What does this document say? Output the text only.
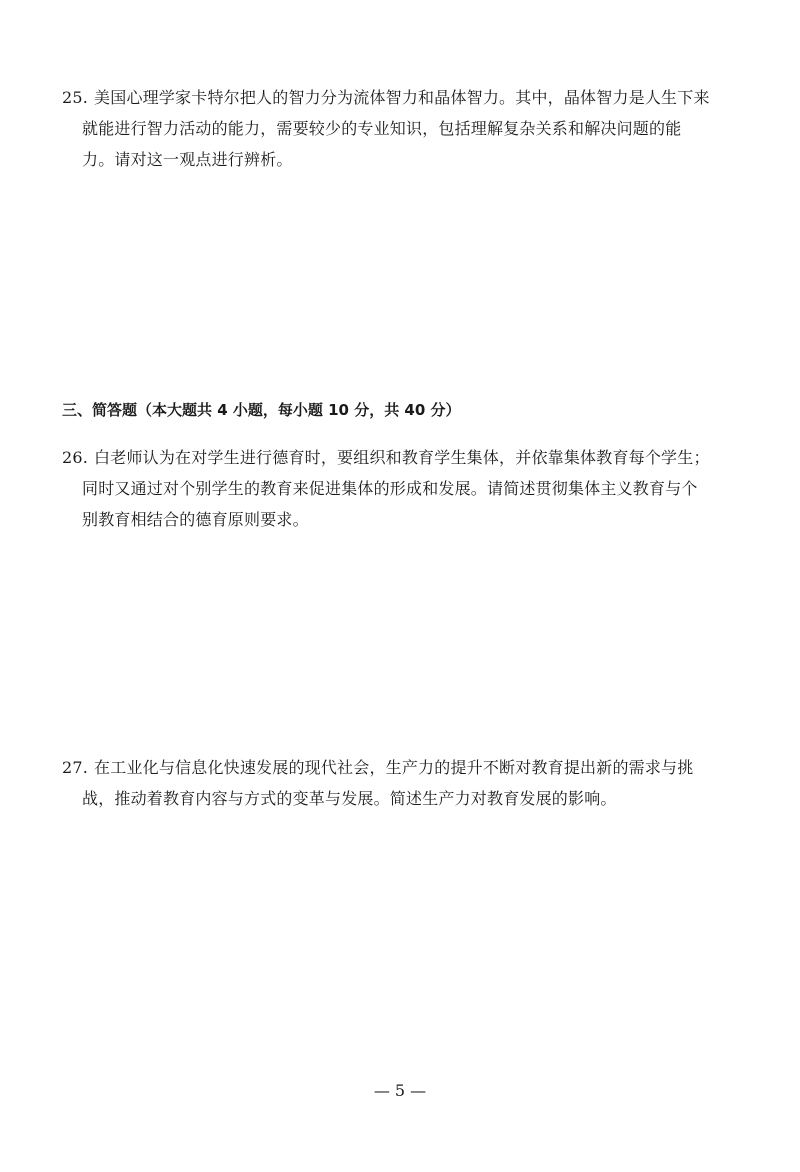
25. 美国心理学家卡特尔把人的智力分为流体智力和晶体智力。其中，晶体智力是人生下来
就能进行智力活动的能力，需要较少的专业知识，包括理解复杂关系和解决问题的能
力。请对这一观点进行辨析。
三、简答题（本大题共 4 小题，每小题 10 分，共 40 分）
26. 白老师认为在对学生进行德育时，要组织和教育学生集体，并依靠集体教育每个学生；
同时又通过对个别学生的教育来促进集体的形成和发展。请简述贯彻集体主义教育与个
别教育相结合的德育原则要求。
27. 在工业化与信息化快速发展的现代社会，生产力的提升不断对教育提出新的需求与挑
战，推动着教育内容与方式的变革与发展。简述生产力对教育发展的影响。
— 5 —
